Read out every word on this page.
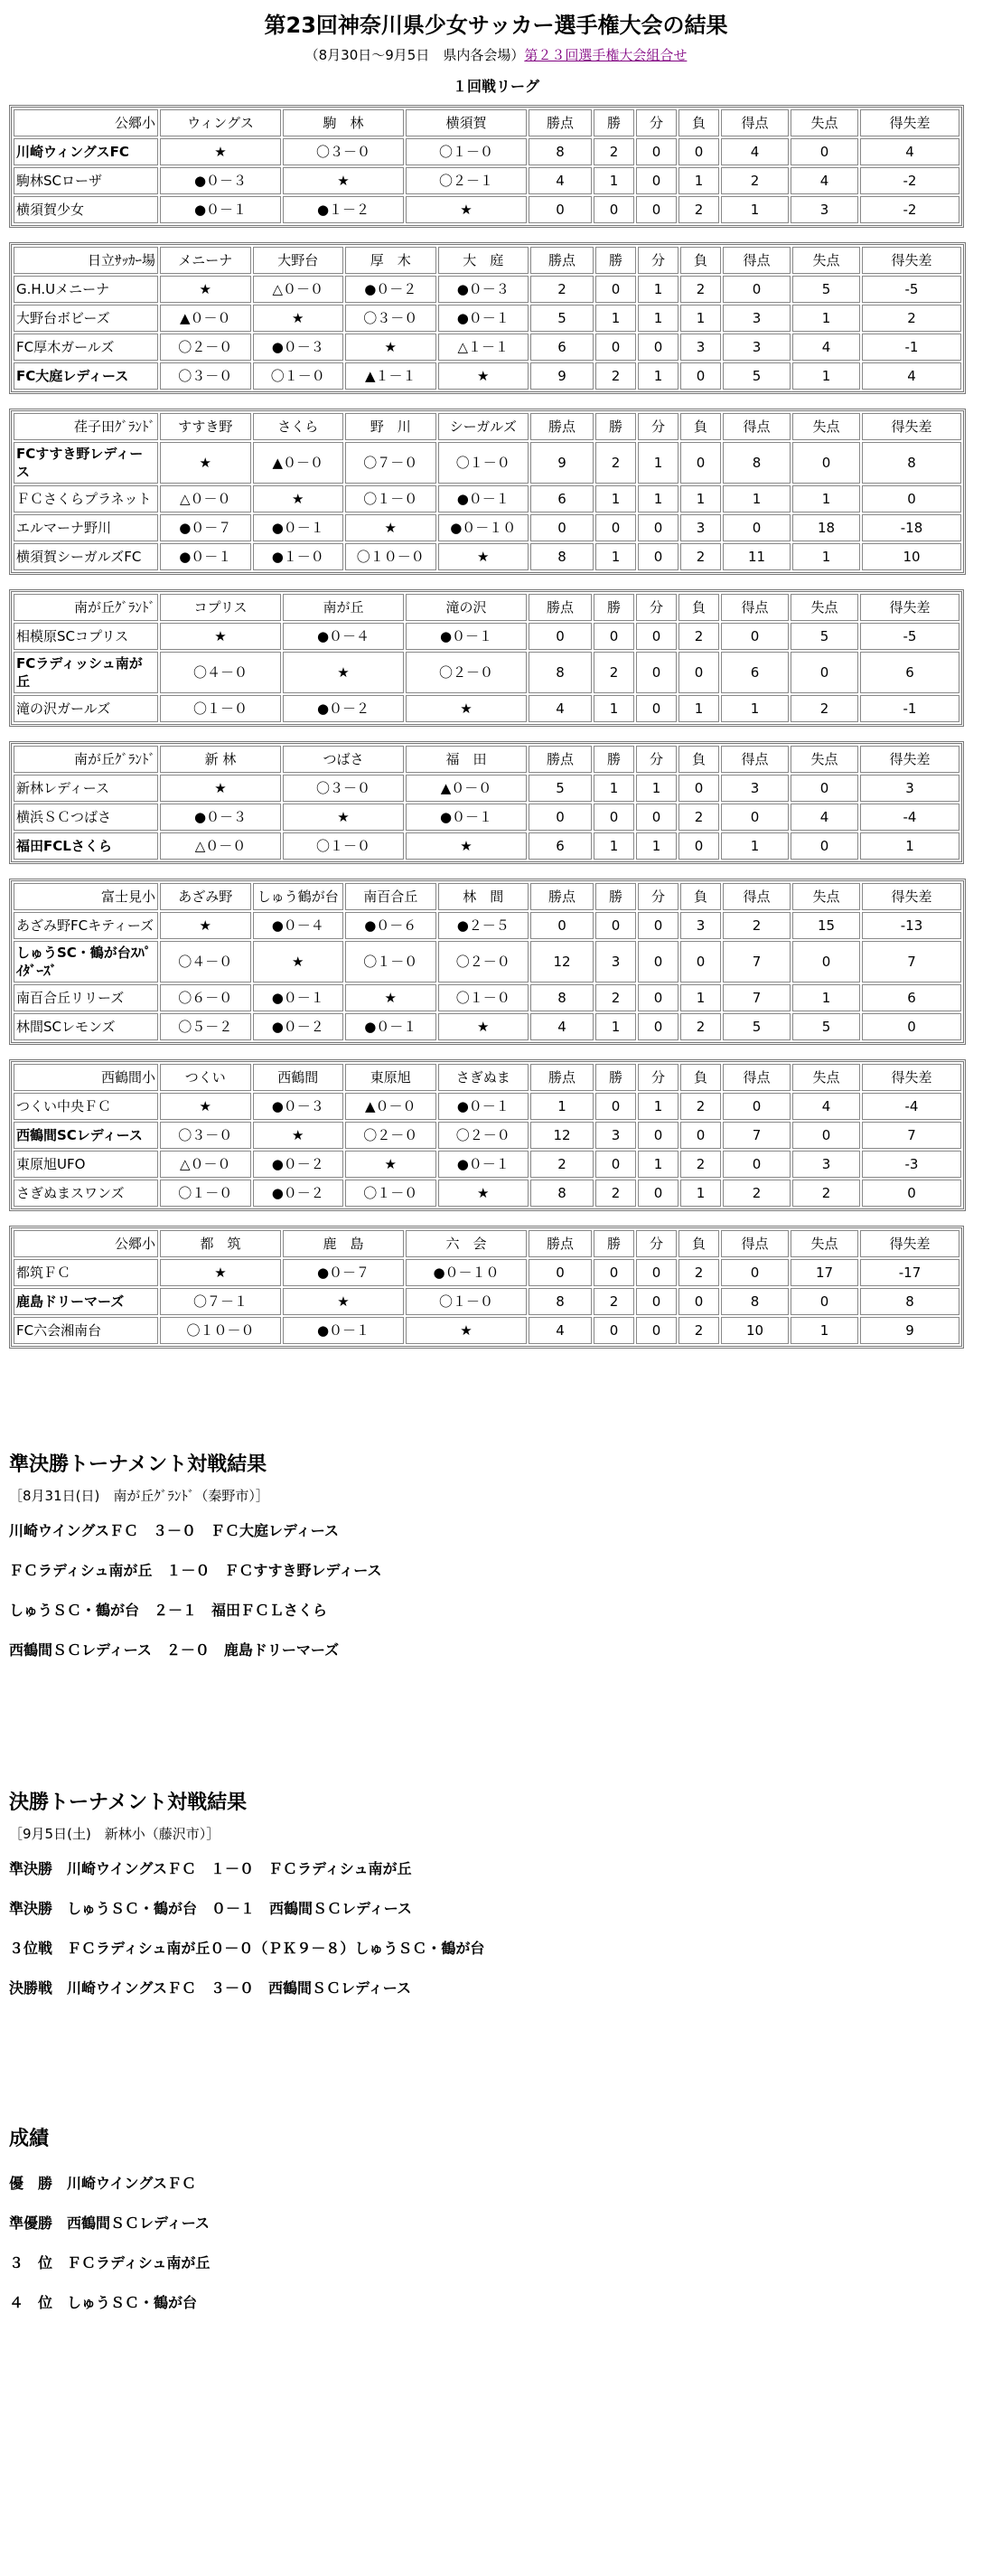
第23回神奈川県少女サッカー選手権大会の結果
（8月30日～9月5日　県内各会場）第２３回選手権大会組合せ
１回戦リーグ
公郷小	ウィングス	駒　林	横須賀	勝点	勝	分	負	得点	失点	得失差
川崎ウィングスFC	★	〇３－０	〇１－０	8	2	0	0	4	0	4
駒林SCローザ	●０－３	★	〇２－１	4	1	0	1	2	4	-2
横須賀少女	●０－１	●１－２	★	0	0	0	2	1	3	-2
日立ｻｯｶｰ場	メニーナ	大野台	厚　木	大　庭	勝点	勝	分	負	得点	失点	得失差
G.H.Uメニーナ	★	△０－０	●０－２	●０－３	2	0	1	2	0	5	-5
大野台ボビーズ	▲０－０	★	〇３－０	●０－１	5	1	1	1	3	1	2
FC厚木ガールズ	〇２－０	●０－３	★	△１－１	6	0	0	3	3	4	-1
FC大庭レディース	〇３－０	〇１－０	▲１－１	★	9	2	1	0	5	1	4
荏子田ｸﾞﾗﾝﾄﾞ	すすき野	さくら	野　川	シーガルズ	勝点	勝	分	負	得点	失点	得失差
FCすすき野レディース	★	▲０－０	〇７－０	〇１－０	9	2	1	0	8	0	8
ＦＣさくらプラネット	△０－０	★	〇１－０	●０－１	6	1	1	1	1	1	0
エルマーナ野川	●０－７	●０－１	★	●０－１０	0	0	0	3	0	18	-18
横須賀シーガルズFC	●０－１	●１－０	〇１０－０	★	8	1	0	2	11	1	10
南が丘ｸﾞﾗﾝﾄﾞ	コプリス	南が丘	滝の沢	勝点	勝	分	負	得点	失点	得失差
相模原SCコプリス	★	●０－４	●０－１	0	0	0	2	0	5	-5
FCラディッシュ南が丘	〇４－０	★	〇２－０	8	2	0	0	6	0	6
滝の沢ガールズ	〇１－０	●０－２	★	4	1	0	1	1	2	-1
南が丘ｸﾞﾗﾝﾄﾞ	新 林	つばさ	福　田	勝点	勝	分	負	得点	失点	得失差
新林レディース	★	〇３－０	▲０－０	5	1	1	0	3	0	3
横浜ＳＣつばさ	●０－３	★	●０－１	0	0	0	2	0	4	-4
福田FCLさくら	△０－０	〇１－０	★	6	1	1	0	1	0	1
富士見小	あざみ野	しゅう鶴が台	南百合丘	林　間	勝点	勝	分	負	得点	失点	得失差
あざみ野FCキティーズ	★	●０－４	●０－６	●２－５	0	0	0	3	2	15	-13
しゅうSC・鶴が台ｽﾊﾟｲﾀﾞｰｽﾞ	〇４－０	★	〇１－０	〇２－０	12	3	0	0	7	0	7
南百合丘リリーズ	〇６－０	●０－１	★	〇１－０	8	2	0	1	7	1	6
林間SCレモンズ	〇５－２	●０－２	●０－１	★	4	1	0	2	5	5	0
西鶴間小	つくい	西鶴間	東原旭	さぎぬま	勝点	勝	分	負	得点	失点	得失差
つくい中央ＦＣ	★	●０－３	▲０－０	●０－１	1	0	1	2	0	4	-4
西鶴間SCレディース	〇３－０	★	〇２－０	〇２－０	12	3	0	0	7	0	7
東原旭UFO	△０－０	●０－２	★	●０－１	2	0	1	2	0	3	-3
さぎぬまスワンズ	〇１－０	●０－２	〇１－０	★	8	2	0	1	2	2	0
公郷小	都　筑	鹿　島	六　会	勝点	勝	分	負	得点	失点	得失差
都筑ＦＣ	★	●０－７	●０－１０	0	0	0	2	0	17	-17
鹿島ドリーマーズ	〇７－１	★	〇１－０	8	2	0	0	8	0	8
FC六会湘南台	〇１０－０	●０－１	★	4	0	0	2	10	1	9
準決勝トーナメント対戦結果
［8月31日(日)　南が丘ｸﾞﾗﾝﾄﾞ（秦野市）］
川崎ウイングスＦＣ　３－０　ＦＣ大庭レディース
ＦＣラディシュ南が丘　１－０　ＦＣすすき野レディース
しゅうＳＣ・鶴が台　２－１　福田ＦＣＬさくら
西鶴間ＳＣレディース　２－０　鹿島ドリーマーズ
決勝トーナメント対戦結果
［9月5日(土)　新林小（藤沢市）］
準決勝　川崎ウイングスＦＣ　１－０　ＦＣラディシュ南が丘
準決勝　しゅうＳＣ・鶴が台　０－１　西鶴間ＳＣレディース
３位戦　ＦＣラディシュ南が丘０－０（ＰＫ９－８）しゅうＳＣ・鶴が台
決勝戦　川崎ウイングスＦＣ　３－０　西鶴間ＳＣレディース
成績
優　勝　川崎ウイングスＦＣ
準優勝　西鶴間ＳＣレディース
３　位　ＦＣラディシュ南が丘
４　位　しゅうＳＣ・鶴が台
